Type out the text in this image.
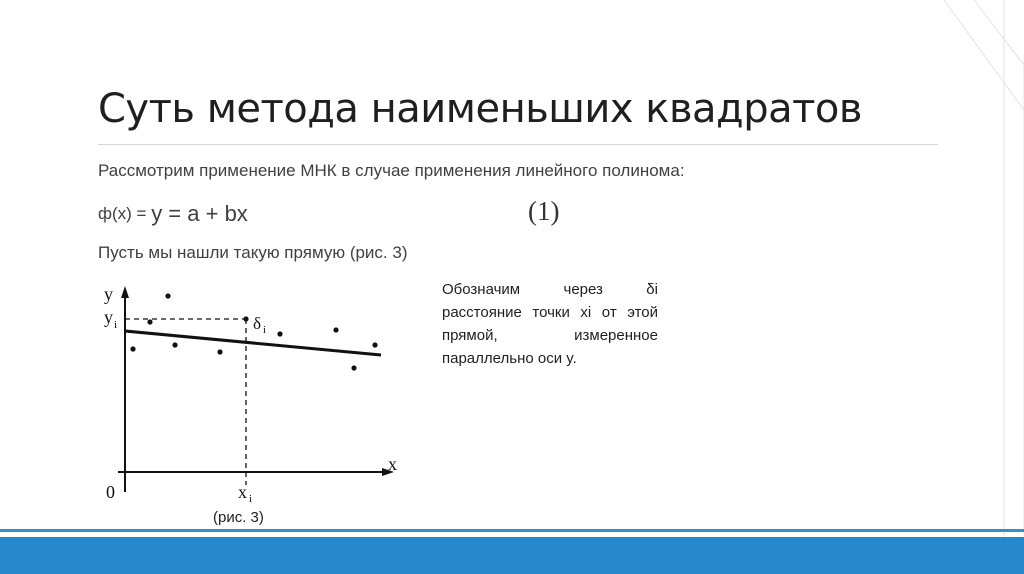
Суть метода наименьших квадратов
Рассмотрим применение МНК в случае применения линейного полинома:
ф(х) = y = a + bx	(1)
Пусть мы нашли такую прямую (рис. 3)
y
x
0
y i
x i
δ i
(рис. 3)
Обозначим через δi расстояние точки xi от этой прямой, измеренное параллельно оси y.
